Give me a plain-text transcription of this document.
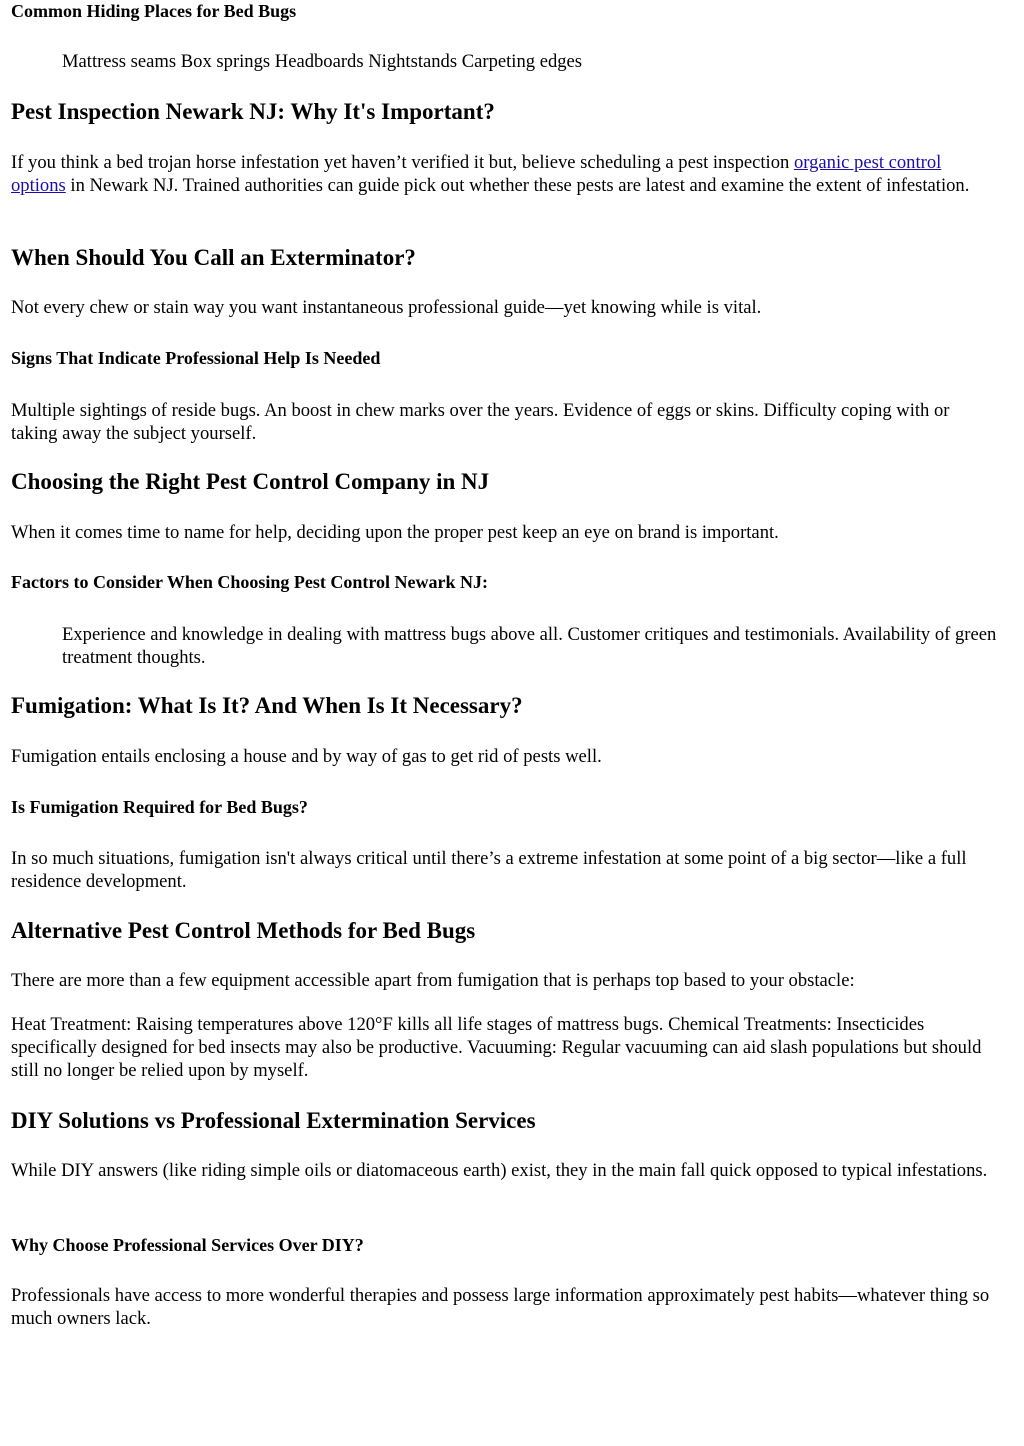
Common Hiding Places for Bed Bugs

Mattress seams Box springs Headboards Nightstands Carpeting edges

Pest Inspection Newark NJ: Why It's Important?

If you think a bed trojan horse infestation yet haven’t verified it but, believe scheduling a pest inspection organic pest control options in Newark NJ. Trained authorities can guide pick out whether these pests are latest and examine the extent of infestation.

When Should You Call an Exterminator?

Not every chew or stain way you want instantaneous professional guide—yet knowing while is vital.

Signs That Indicate Professional Help Is Needed

Multiple sightings of reside bugs. An boost in chew marks over the years. Evidence of eggs or skins. Difficulty coping with or taking away the subject yourself.

Choosing the Right Pest Control Company in NJ

When it comes time to name for help, deciding upon the proper pest keep an eye on brand is important.

Factors to Consider When Choosing Pest Control Newark NJ:

Experience and knowledge in dealing with mattress bugs above all. Customer critiques and testimonials. Availability of green treatment thoughts.

Fumigation: What Is It? And When Is It Necessary?

Fumigation entails enclosing a house and by way of gas to get rid of pests well.

Is Fumigation Required for Bed Bugs?

In so much situations, fumigation isn't always critical until there’s a extreme infestation at some point of a big sector—like a full residence development.

Alternative Pest Control Methods for Bed Bugs

There are more than a few equipment accessible apart from fumigation that is perhaps top based to your obstacle:

Heat Treatment: Raising temperatures above 120°F kills all life stages of mattress bugs. Chemical Treatments: Insecticides specifically designed for bed insects may also be productive. Vacuuming: Regular vacuuming can aid slash populations but should still no longer be relied upon by myself.

DIY Solutions vs Professional Extermination Services

While DIY answers (like riding simple oils or diatomaceous earth) exist, they in the main fall quick opposed to typical infestations.

Why Choose Professional Services Over DIY?

Professionals have access to more wonderful therapies and possess large information approximately pest habits—whatever thing so much owners lack.
